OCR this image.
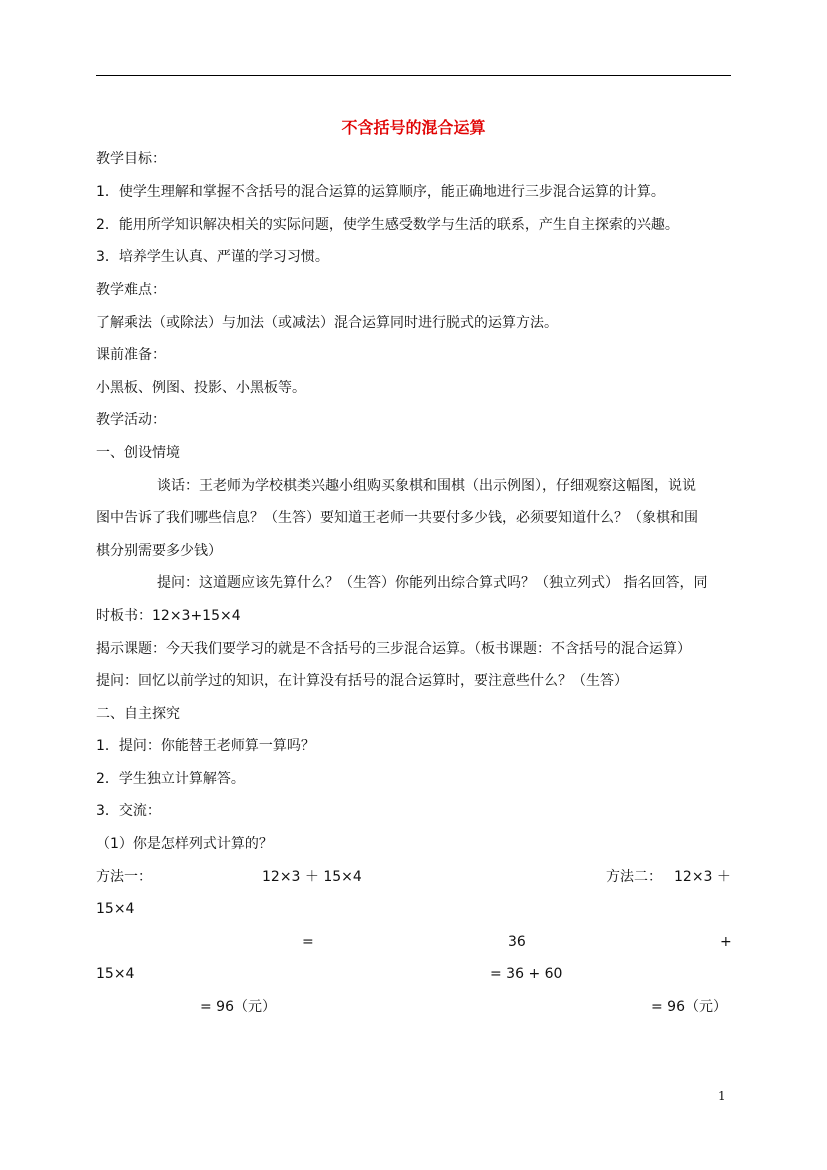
不含括号的混合运算
教学目标：
1．使学生理解和掌握不含括号的混合运算的运算顺序，能正确地进行三步混合运算的计算。
2．能用所学知识解决相关的实际问题，使学生感受数学与生活的联系，产生自主探索的兴趣。
3．培养学生认真、严谨的学习习惯。
教学难点：
了解乘法（或除法）与加法（或减法）混合运算同时进行脱式的运算方法。
课前准备：
小黑板、例图、投影、小黑板等。
教学活动：
一、创设情境
谈话：王老师为学校棋类兴趣小组购买象棋和围棋（出示例图），仔细观察这幅图，说说
图中告诉了我们哪些信息？（生答）要知道王老师一共要付多少钱，必须要知道什么？（象棋和围
棋分别需要多少钱）
提问：这道题应该先算什么？（生答）你能列出综合算式吗？（独立列式） 指名回答，同
时板书：12×3+15×4
揭示课题：今天我们要学习的就是不含括号的三步混合运算。（板书课题：不含括号的混合运算）
提问：回忆以前学过的知识，在计算没有括号的混合运算时，要注意些什么？（生答）
二、自主探究
1．提问：你能替王老师算一算吗？
2．学生独立计算解答。
3．交流：
（1）你是怎样列式计算的？
方法一：	12×3 ＋ 15×4	方法二： 12×3 ＋
15×4
=	36	+
15×4	= 36 + 60
= 96（元）	= 96（元）
1
